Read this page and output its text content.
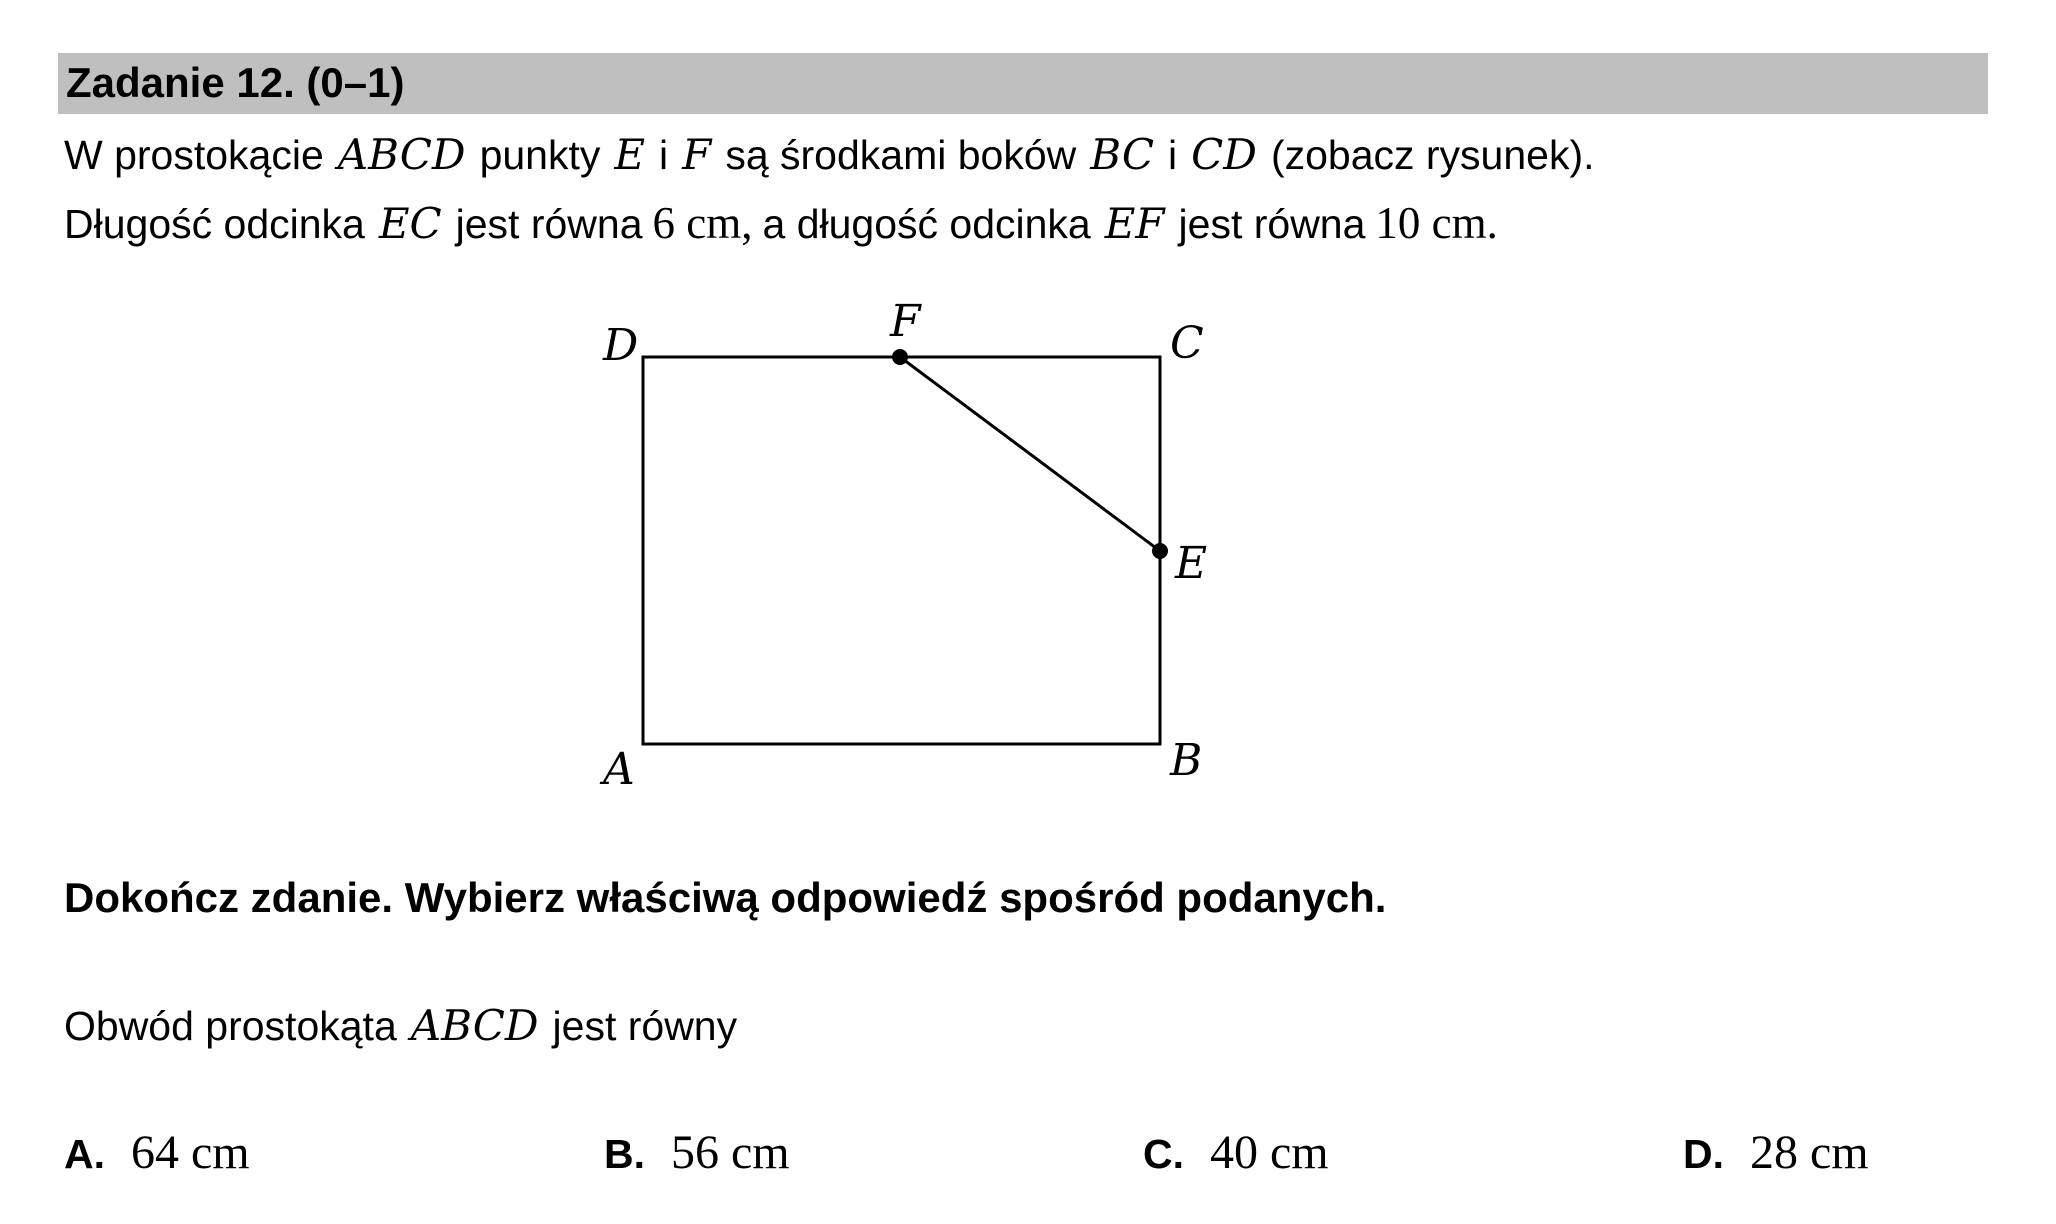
Zadanie 12. (0–1)
W prostokącie ABCD punkty E i F są środkami boków BC i CD (zobacz rysunek).
Długość odcinka EC jest równa 6 cm, a długość odcinka EF jest równa 10 cm.
D	F	C
E
A	B
Dokończ zdanie. Wybierz właściwą odpowiedź spośród podanych.
Obwód prostokąta ABCD jest równy
A. 64 cm	B. 56 cm	C. 40 cm	D. 28 cm
